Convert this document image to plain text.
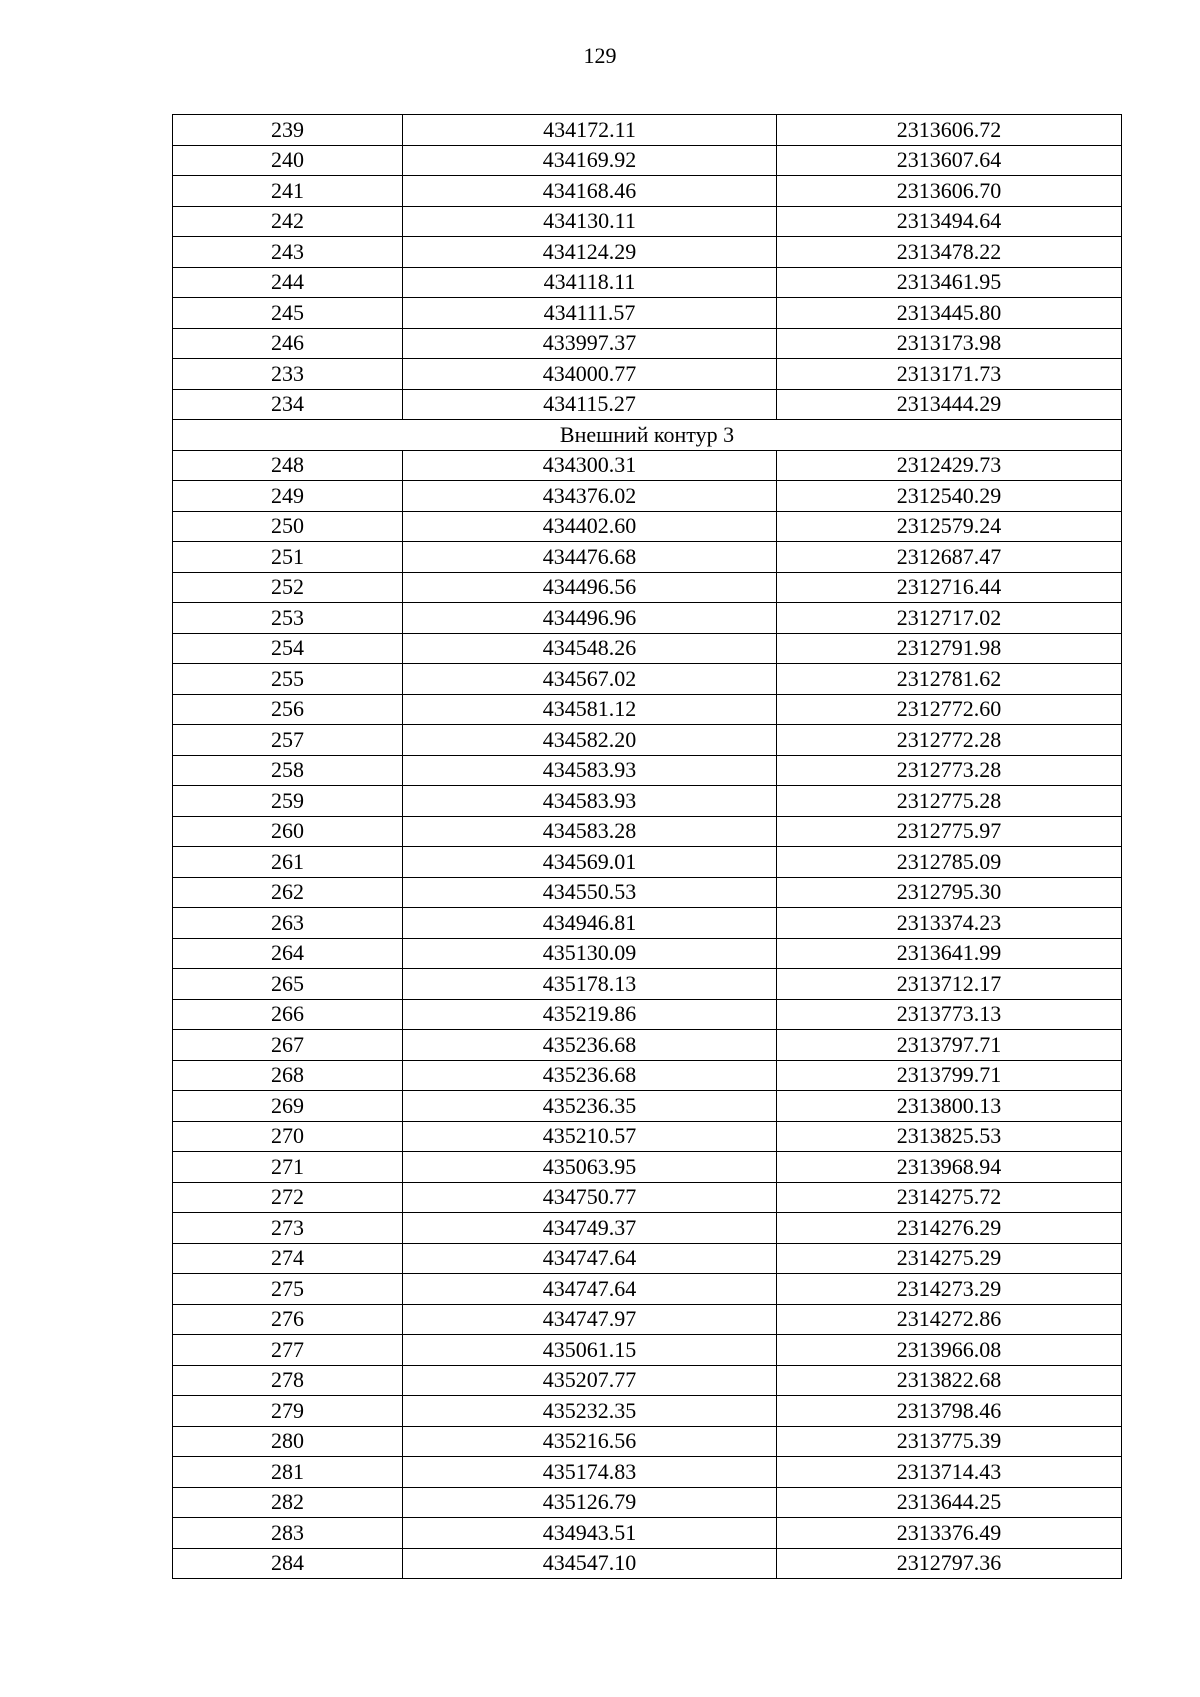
129
239	434172.11	2313606.72
240	434169.92	2313607.64
241	434168.46	2313606.70
242	434130.11	2313494.64
243	434124.29	2313478.22
244	434118.11	2313461.95
245	434111.57	2313445.80
246	433997.37	2313173.98
233	434000.77	2313171.73
234	434115.27	2313444.29
Внешний контур 3		
248	434300.31	2312429.73
249	434376.02	2312540.29
250	434402.60	2312579.24
251	434476.68	2312687.47
252	434496.56	2312716.44
253	434496.96	2312717.02
254	434548.26	2312791.98
255	434567.02	2312781.62
256	434581.12	2312772.60
257	434582.20	2312772.28
258	434583.93	2312773.28
259	434583.93	2312775.28
260	434583.28	2312775.97
261	434569.01	2312785.09
262	434550.53	2312795.30
263	434946.81	2313374.23
264	435130.09	2313641.99
265	435178.13	2313712.17
266	435219.86	2313773.13
267	435236.68	2313797.71
268	435236.68	2313799.71
269	435236.35	2313800.13
270	435210.57	2313825.53
271	435063.95	2313968.94
272	434750.77	2314275.72
273	434749.37	2314276.29
274	434747.64	2314275.29
275	434747.64	2314273.29
276	434747.97	2314272.86
277	435061.15	2313966.08
278	435207.77	2313822.68
279	435232.35	2313798.46
280	435216.56	2313775.39
281	435174.83	2313714.43
282	435126.79	2313644.25
283	434943.51	2313376.49
284	434547.10	2312797.36
